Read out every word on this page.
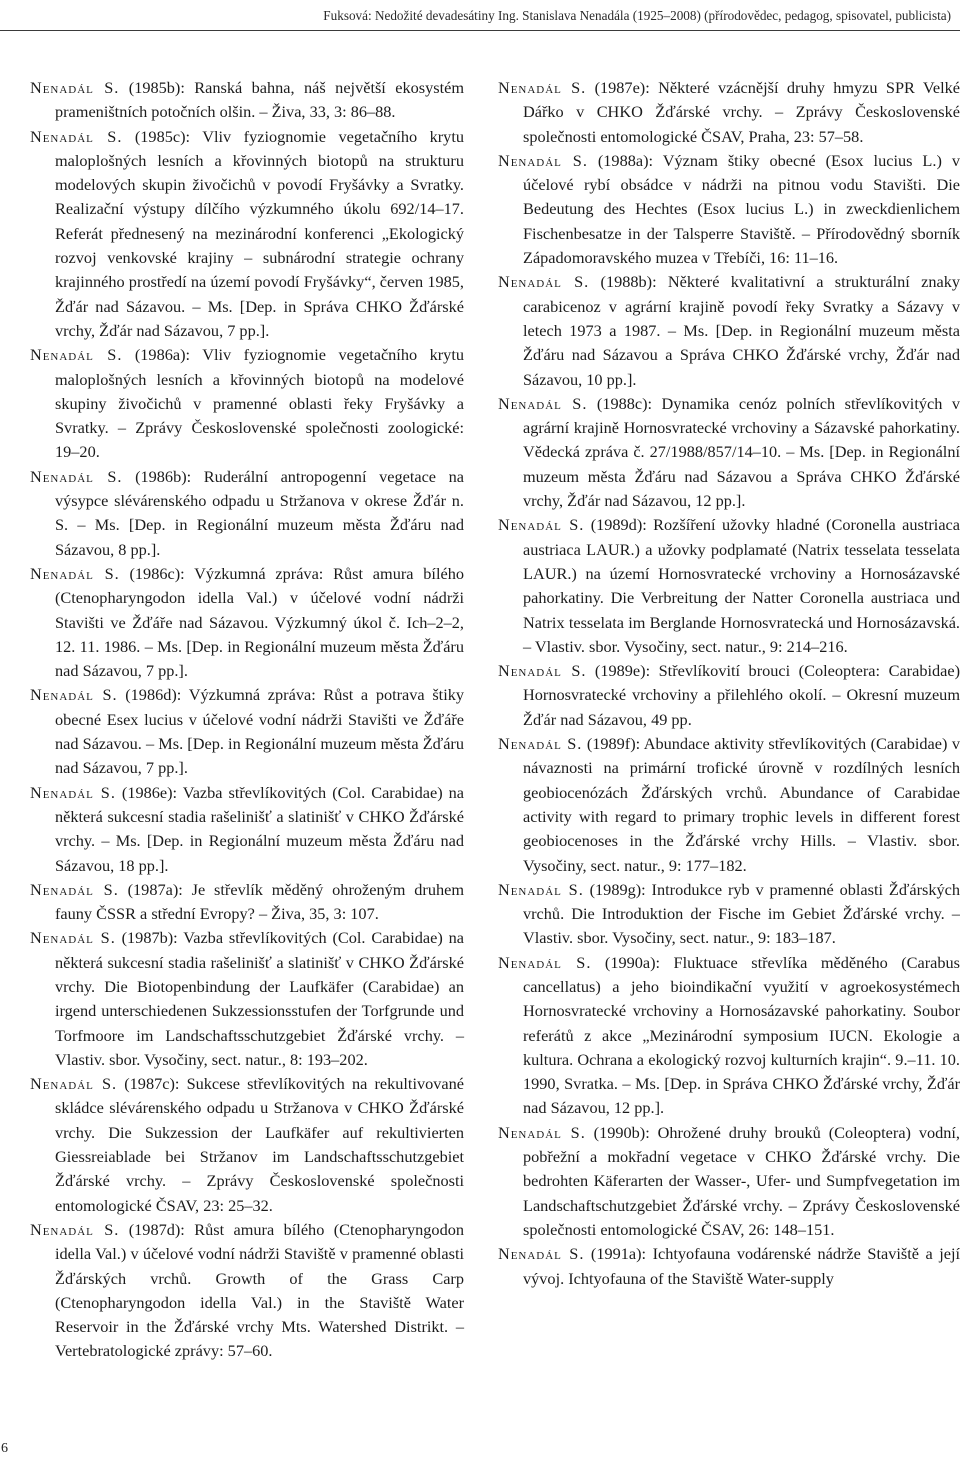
Fuksová: Nedožité devadesátiny Ing. Stanislava Nenadála (1925–2008) (přírodovědec, pedagog, spisovatel, publicista)

Nenadál S. (1985b): Ranská bahna, náš největší ekosystém prameništních potočních olšin. – Živa, 33, 3: 86–88.

Nenadál S. (1985c): Vliv fyziognomie vegetačního krytu maloplošných lesních a křovinných biotopů na strukturu modelových skupin živočichů v povodí Fryšávky a Svratky. Realizační výstupy dílčího výzkumného úkolu 692/14–17. Referát přednesený na mezinárodní konferenci „Ekologický rozvoj venkovské krajiny – subnárodní strategie ochrany krajinného prostředí na území povodí Fryšávky“, červen 1985, Žďár nad Sázavou. – Ms. [Dep. in Správa CHKO Žďárské vrchy, Žďár nad Sázavou, 7 pp.].

Nenadál S. (1986a): Vliv fyziognomie vegetačního krytu maloplošných lesních a křovinných biotopů na modelové skupiny živočichů v pramenné oblasti řeky Fryšávky a Svratky. – Zprávy Československé společnosti zoologické: 19–20.

Nenadál S. (1986b): Ruderální antropogenní vegetace na výsypce slévárenského odpadu u Stržanova v okrese Žďár n. S. – Ms. [Dep. in Regionální muzeum města Žďáru nad Sázavou, 8 pp.].

Nenadál S. (1986c): Výzkumná zpráva: Růst amura bílého (Ctenopharyngodon idella Val.) v účelové vodní nádrži Stavišti ve Žďáře nad Sázavou. Výzkumný úkol č. Ich–2–2, 12. 11. 1986. – Ms. [Dep. in Regionální muzeum města Žďáru nad Sázavou, 7 pp.].

Nenadál S. (1986d): Výzkumná zpráva: Růst a potrava štiky obecné Esex lucius v účelové vodní nádrži Stavišti ve Žďáře nad Sázavou. – Ms. [Dep. in Regionální muzeum města Žďáru nad Sázavou, 7 pp.].

Nenadál S. (1986e): Vazba střevlíkovitých (Col. Carabidae) na některá sukcesní stadia rašelinišť a slatinišť v CHKO Žďárské vrchy. – Ms. [Dep. in Regionální muzeum města Žďáru nad Sázavou, 18 pp.].

Nenadál S. (1987a): Je střevlík měděný ohroženým druhem fauny ČSSR a střední Evropy? – Živa, 35, 3: 107.

Nenadál S. (1987b): Vazba střevlíkovitých (Col. Carabidae) na některá sukcesní stadia rašelinišť a slatinišť v CHKO Žďárské vrchy. Die Biotopenbindung der Laufkäfer (Carabidae) an irgend unterschiedenen Sukzessionsstufen der Torfgrunde und Torfmoore im Landschaftsschutzgebiet Žďárské vrchy. – Vlastiv. sbor. Vysočiny, sect. natur., 8: 193–202.

Nenadál S. (1987c): Sukcese střevlíkovitých na rekultivované skládce slévárenského odpadu u Stržanova v CHKO Žďárské vrchy. Die Sukzession der Laufkäfer auf rekultivierten Giessreiablade bei Stržanov im Landschaftsschutzgebiet Žďárské vrchy. – Zprávy Československé společnosti entomologické ČSAV, 23: 25–32.

Nenadál S. (1987d): Růst amura bílého (Ctenopharyngodon idella Val.) v účelové vodní nádrži Staviště v pramenné oblasti Žďárských vrchů. Growth of the Grass Carp (Ctenopharyngodon idella Val.) in the Staviště Water Reservoir in the Žďárské vrchy Mts. Watershed Distrikt. – Vertebratologické zprávy: 57–60.

Nenadál S. (1987e): Některé vzácnější druhy hmyzu SPR Velké Dářko v CHKO Žďárské vrchy. – Zprávy Československé společnosti entomologické ČSAV, Praha, 23: 57–58.

Nenadál S. (1988a): Význam štiky obecné (Esox lucius L.) v účelové rybí obsádce v nádrži na pitnou vodu Stavišti. Die Bedeutung des Hechtes (Esox lucius L.) in zweckdienlichem Fischenbesatze in der Talsperre Staviště. – Přírodovědný sborník Západomoravského muzea v Třebíči, 16: 11–16.

Nenadál S. (1988b): Některé kvalitativní a strukturální znaky carabicenoz v agrární krajině povodí řeky Svratky a Sázavy v letech 1973 a 1987. – Ms. [Dep. in Regionální muzeum města Žďáru nad Sázavou a Správa CHKO Žďárské vrchy, Žďár nad Sázavou, 10 pp.].

Nenadál S. (1988c): Dynamika cenóz polních střevlíkovitých v agrární krajině Hornosvratecké vrchoviny a Sázavské pahorkatiny. Vědecká zpráva č. 27/1988/857/14–10. – Ms. [Dep. in Regionální muzeum města Žďáru nad Sázavou a Správa CHKO Žďárské vrchy, Žďár nad Sázavou, 12 pp.].

Nenadál S. (1989d): Rozšíření užovky hladné (Coronella austriaca austriaca LAUR.) a užovky podplamaté (Natrix tesselata tesselata LAUR.) na území Hornosvratecké vrchoviny a Hornosázavské pahorkatiny. Die Verbreitung der Natter Coronella austriaca und Natrix tesselata im Berglande Hornosvratecká und Hornosázavská. – Vlastiv. sbor. Vysočiny, sect. natur., 9: 214–216.

Nenadál S. (1989e): Střevlíkovití brouci (Coleoptera: Carabidae) Hornosvratecké vrchoviny a přilehlého okolí. – Okresní muzeum Žďár nad Sázavou, 49 pp.

Nenadál S. (1989f): Abundace aktivity střevlíkovitých (Carabidae) v návaznosti na primární trofické úrovně v rozdílných lesních geobiocenózách Žďárských vrchů. Abundance of Carabidae activity with regard to primary trophic levels in different forest geobiocenoses in the Žďárské vrchy Hills. – Vlastiv. sbor. Vysočiny, sect. natur., 9: 177–182.

Nenadál S. (1989g): Introdukce ryb v pramenné oblasti Žďárských vrchů. Die Introduktion der Fische im Gebiet Žďárské vrchy. – Vlastiv. sbor. Vysočiny, sect. natur., 9: 183–187.

Nenadál S. (1990a): Fluktuace střevlíka měděného (Carabus cancellatus) a jeho bioindikační využití v agroekosystémech Hornosvratecké vrchoviny a Hornosázavské pahorkatiny. Soubor referátů z akce „Mezinárodní symposium IUCN. Ekologie a kultura. Ochrana a ekologický rozvoj kulturních krajin“. 9.–11. 10. 1990, Svratka. – Ms. [Dep. in Správa CHKO Žďárské vrchy, Žďár nad Sázavou, 12 pp.].

Nenadál S. (1990b): Ohrožené druhy brouků (Coleoptera) vodní, pobřežní a mokřadní vegetace v CHKO Žďárské vrchy. Die bedrohten Käferarten der Wasser-, Ufer- und Sumpfvegetation im Landschaftschutzgebiet Žďárské vrchy. – Zprávy Československé společnosti entomologické ČSAV, 26: 148–151.

Nenadál S. (1991a): Ichtyofauna vodárenské nádrže Staviště a její vývoj. Ichtyofauna of the Staviště Water-supply

6
